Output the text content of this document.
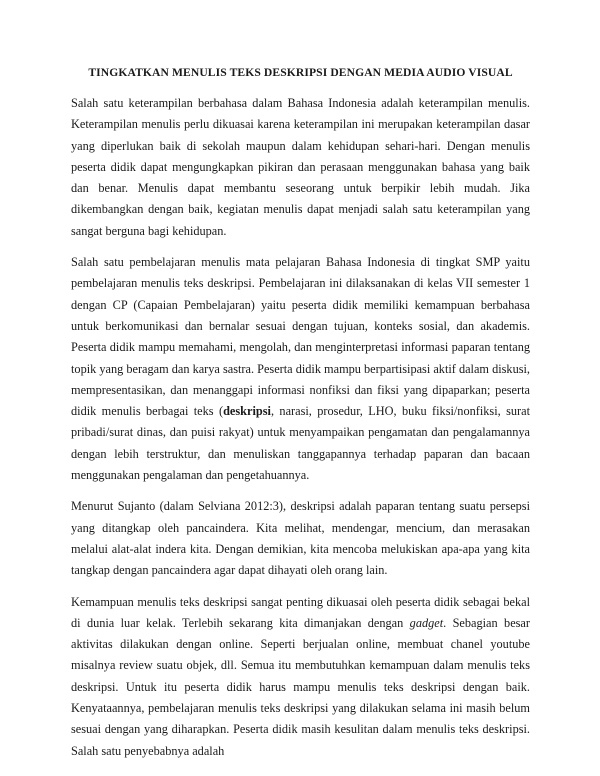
TINGKATKAN MENULIS TEKS DESKRIPSI DENGAN MEDIA AUDIO VISUAL

Salah satu keterampilan berbahasa dalam Bahasa Indonesia adalah keterampilan menulis. Keterampilan menulis perlu dikuasai karena keterampilan ini merupakan keterampilan dasar yang diperlukan baik di sekolah maupun dalam kehidupan sehari-hari. Dengan menulis peserta didik dapat mengungkapkan pikiran dan perasaan menggunakan bahasa yang baik dan benar. Menulis dapat membantu seseorang untuk berpikir lebih mudah. Jika dikembangkan dengan baik, kegiatan menulis dapat menjadi salah satu keterampilan yang sangat berguna bagi kehidupan.

Salah satu pembelajaran menulis mata pelajaran Bahasa Indonesia di tingkat SMP yaitu pembelajaran menulis teks deskripsi. Pembelajaran ini dilaksanakan di kelas VII semester 1 dengan CP (Capaian Pembelajaran) yaitu peserta didik memiliki kemampuan berbahasa untuk berkomunikasi dan bernalar sesuai dengan tujuan, konteks sosial, dan akademis. Peserta didik mampu memahami, mengolah, dan menginterpretasi informasi paparan tentang topik yang beragam dan karya sastra. Peserta didik mampu berpartisipasi aktif dalam diskusi, mempresentasikan, dan menanggapi informasi nonfiksi dan fiksi yang dipaparkan; peserta didik menulis berbagai teks (deskripsi, narasi, prosedur, LHO, buku fiksi/nonfiksi, surat pribadi/surat dinas, dan puisi rakyat) untuk menyampaikan pengamatan dan pengalamannya dengan lebih terstruktur, dan menuliskan tanggapannya terhadap paparan dan bacaan menggunakan pengalaman dan pengetahuannya.

Menurut Sujanto (dalam Selviana 2012:3), deskripsi adalah paparan tentang suatu persepsi yang ditangkap oleh pancaindera. Kita melihat, mendengar, mencium, dan merasakan melalui alat-alat indera kita. Dengan demikian, kita mencoba melukiskan apa-apa yang kita tangkap dengan pancaindera agar dapat dihayati oleh orang lain.

Kemampuan menulis teks deskripsi sangat penting dikuasai oleh peserta didik sebagai bekal di dunia luar kelak. Terlebih sekarang kita dimanjakan dengan gadget. Sebagian besar aktivitas dilakukan dengan online. Seperti berjualan online, membuat chanel youtube misalnya review suatu objek, dll. Semua itu membutuhkan kemampuan dalam menulis teks deskripsi. Untuk itu peserta didik harus mampu menulis teks deskripsi dengan baik. Kenyataannya, pembelajaran menulis teks deskripsi yang dilakukan selama ini masih belum sesuai dengan yang diharapkan. Peserta didik masih kesulitan dalam menulis teks deskripsi. Salah satu penyebabnya adalah
